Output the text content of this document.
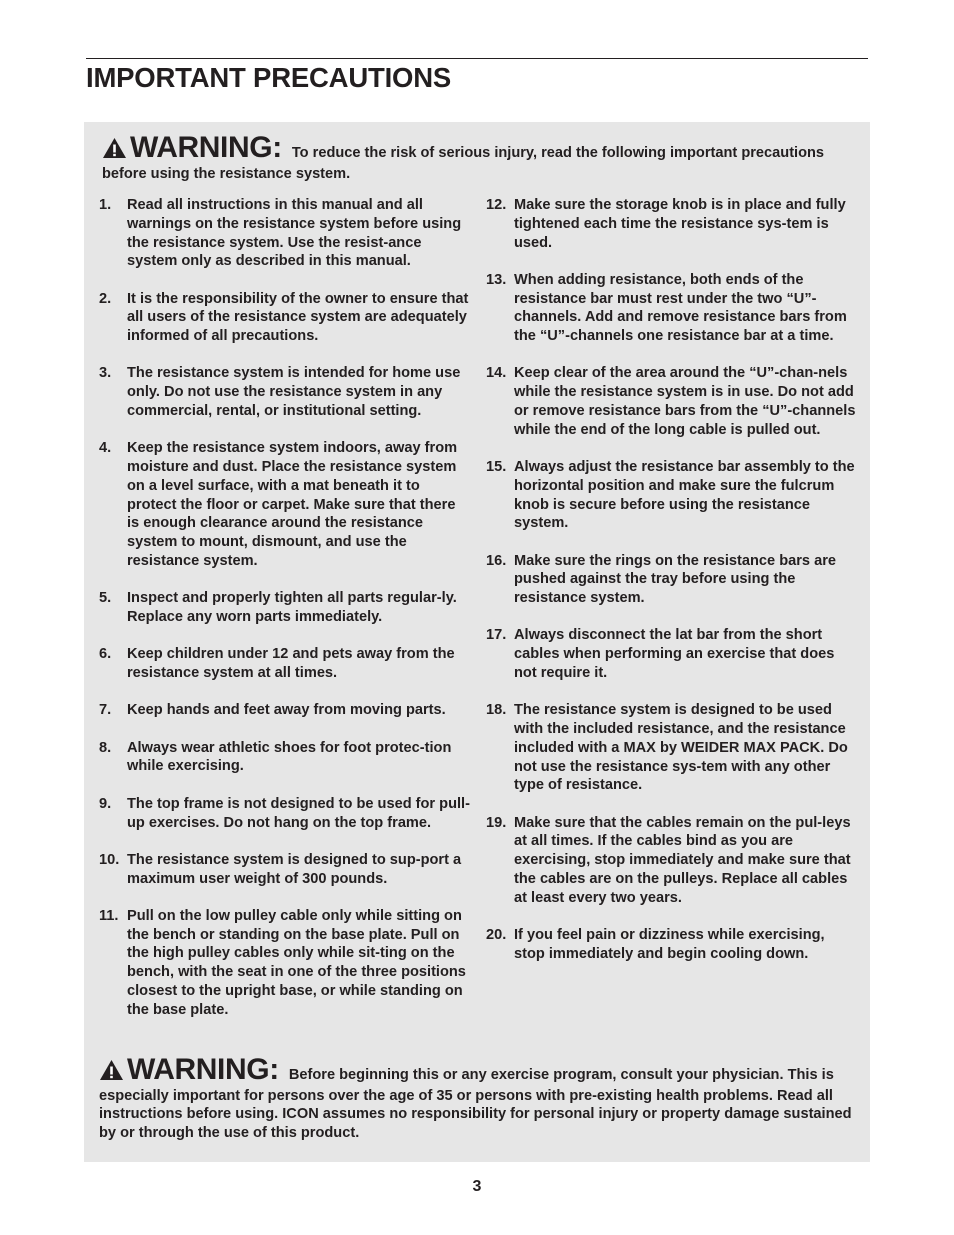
IMPORTANT PRECAUTIONS
WARNING: To reduce the risk of serious injury, read the following important precautions before using the resistance system.
1.	Read all instructions in this manual and all warnings on the resistance system before using the resistance system. Use the resist-ance system only as described in this manual.
2.	It is the responsibility of the owner to ensure that all users of the resistance system are adequately informed of all precautions.
3.	The resistance system is intended for home use only. Do not use the resistance system in any commercial, rental, or institutional setting.
4.	Keep the resistance system indoors, away from moisture and dust. Place the resistance system on a level surface, with a mat beneath it to protect the floor or carpet. Make sure that there is enough clearance around the resistance system to mount, dismount, and use the resistance system.
5.	Inspect and properly tighten all parts regular-ly. Replace any worn parts immediately.
6.	Keep children under 12 and pets away from the resistance system at all times.
7.	Keep hands and feet away from moving parts.
8.	Always wear athletic shoes for foot protec-tion while exercising.
9.	The top frame is not designed to be used for pull-up exercises. Do not hang on the top frame.
10. The resistance system is designed to sup-port a maximum user weight of 300 pounds.
11. Pull on the low pulley cable only while sitting on the bench or standing on the base plate. Pull on the high pulley cables only while sit-ting on the bench, with the seat in one of the three positions closest to the upright base, or while standing on the base plate.
12. Make sure the storage knob is in place and fully tightened each time the resistance sys-tem is used.
13. When adding resistance, both ends of the resistance bar must rest under the two “U”-channels. Add and remove resistance bars from the “U”-channels one resistance bar at a time.
14. Keep clear of the area around the “U”-chan-nels while the resistance system is in use. Do not add or remove resistance bars from the “U”-channels while the end of the long cable is pulled out.
15. Always adjust the resistance bar assembly to the horizontal position and make sure the fulcrum knob is secure before using the resistance system.
16. Make sure the rings on the resistance bars are pushed against the tray before using the resistance system.
17. Always disconnect the lat bar from the short cables when performing an exercise that does not require it.
18. The resistance system is designed to be used with the included resistance, and the resistance included with a MAX by WEIDER MAX PACK. Do not use the resistance sys-tem with any other type of resistance.
19. Make sure that the cables remain on the pul-leys at all times. If the cables bind as you are exercising, stop immediately and make sure that the cables are on the pulleys. Replace all cables at least every two years.
20. If you feel pain or dizziness while exercising, stop immediately and begin cooling down.
WARNING: Before beginning this or any exercise program, consult your physician. This is especially important for persons over the age of 35 or persons with pre-existing health problems. Read all instructions before using. ICON assumes no responsibility for personal injury or property damage sustained by or through the use of this product.
3
